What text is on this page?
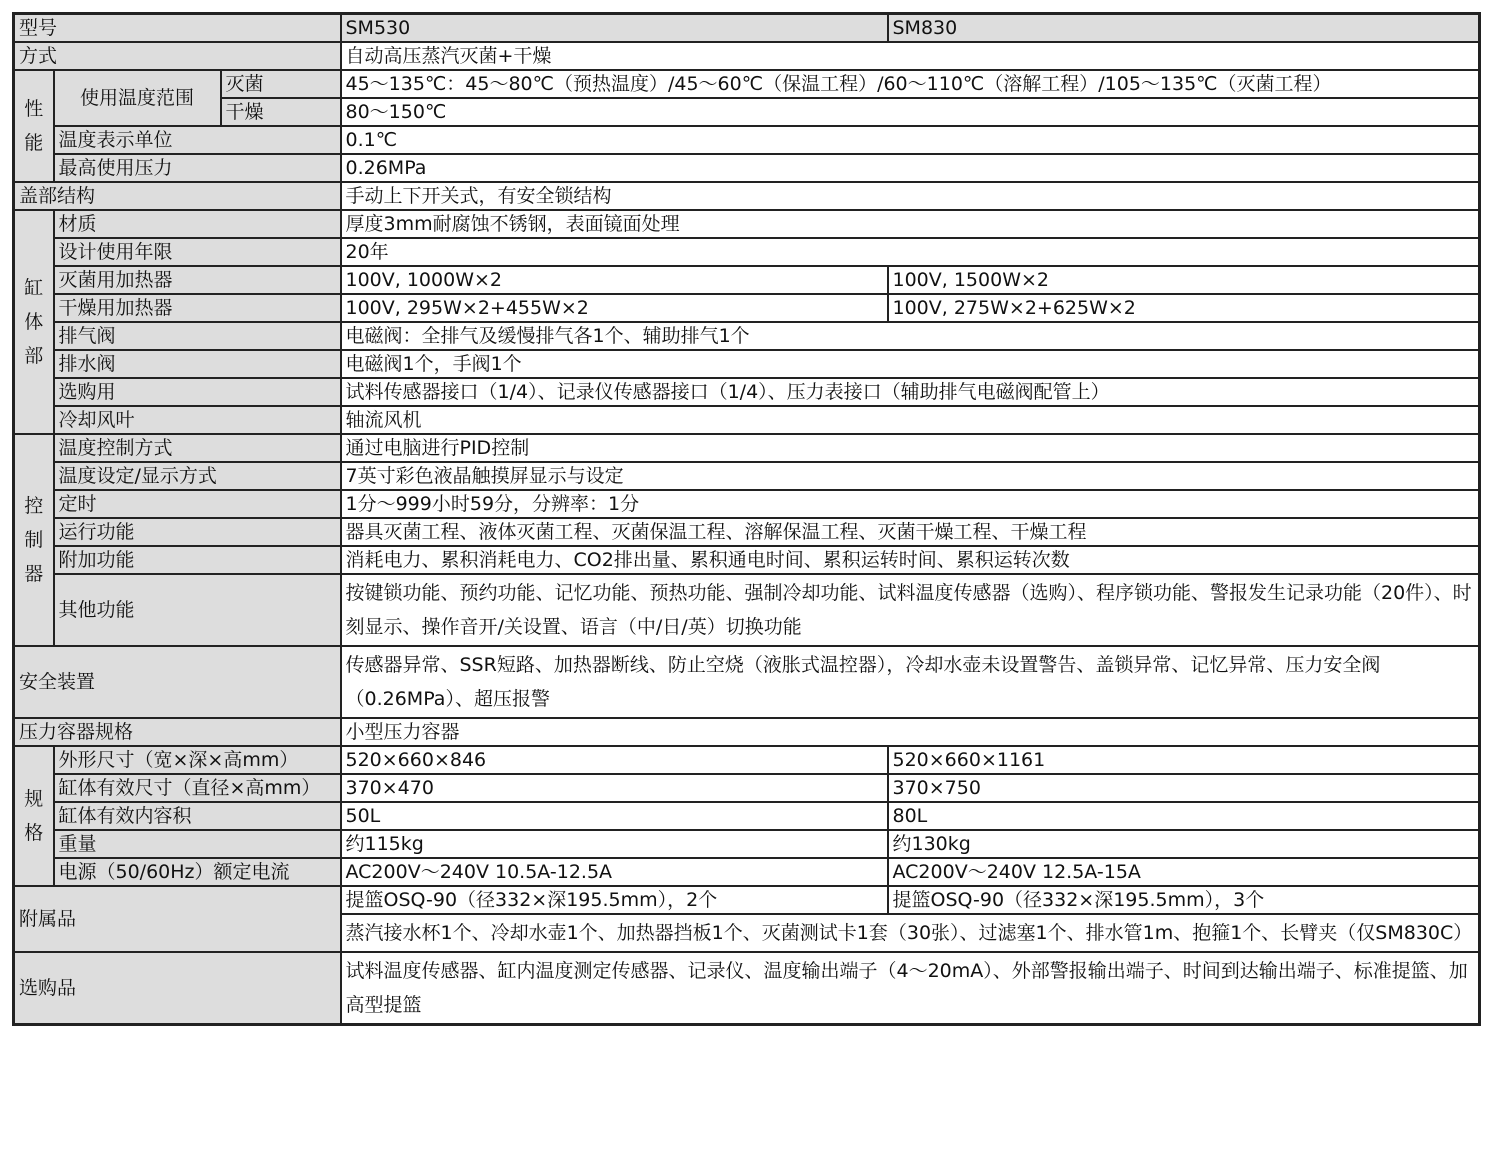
型号			SM530	SM830
方式			自动高压蒸汽灭菌+干燥	
性能	使用温度范围	灭菌	45～135℃：45～80℃（预热温度）/45～60℃（保温工程）/60～110℃（溶解工程）/105～135℃（灭菌工程）	
		干燥	80～150℃	
	温度表示单位		0.1℃	
	最高使用压力		0.26MPa	
盖部结构			手动上下开关式，有安全锁结构	
缸体部	材质		厚度3mm耐腐蚀不锈钢，表面镜面处理	
	设计使用年限		20年	
	灭菌用加热器		100V, 1000W×2	100V, 1500W×2
	干燥用加热器		100V, 295W×2+455W×2	100V, 275W×2+625W×2
	排气阀		电磁阀：全排气及缓慢排气各1个、辅助排气1个	
	排水阀		电磁阀1个，手阀1个	
	选购用		试料传感器接口（1/4）、记录仪传感器接口（1/4）、压力表接口（辅助排气电磁阀配管上）	
	冷却风叶		轴流风机	
控制器	温度控制方式		通过电脑进行PID控制	
	温度设定/显示方式		7英寸彩色液晶触摸屏显示与设定	
	定时		1分～999小时59分，分辨率：1分	
	运行功能		器具灭菌工程、液体灭菌工程、灭菌保温工程、溶解保温工程、灭菌干燥工程、干燥工程	
	附加功能		消耗电力、累积消耗电力、CO2排出量、累积通电时间、累积运转时间、累积运转次数	
	其他功能		按键锁功能、预约功能、记忆功能、预热功能、强制冷却功能、试料温度传感器（选购）、程序锁功能、警报发生记录功能（20件）、时刻显示、操作音开/关设置、语言（中/日/英）切换功能	
安全装置			传感器异常、SSR短路、加热器断线、防止空烧（液胀式温控器），冷却水壶未设置警告、盖锁异常、记忆异常、压力安全阀（0.26MPa）、超压报警	
压力容器规格			小型压力容器	
规格	外形尺寸（宽×深×高mm）		520×660×846	520×660×1161
	缸体有效尺寸（直径×高mm）		370×470	370×750
	缸体有效内容积		50L	80L
	重量		约115kg	约130kg
	电源（50/60Hz）额定电流		AC200V～240V 10.5A-12.5A	AC200V～240V 12.5A-15A
附属品			提篮OSQ-90（径332×深195.5mm），2个	提篮OSQ-90（径332×深195.5mm），3个
			蒸汽接水杯1个、冷却水壶1个、加热器挡板1个、灭菌测试卡1套（30张）、过滤塞1个、排水管1m、抱箍1个、长臂夹（仅SM830C）	
选购品			试料温度传感器、缸内温度测定传感器、记录仪、温度输出端子（4～20mA）、外部警报输出端子、时间到达输出端子、标准提篮、加高型提篮	
